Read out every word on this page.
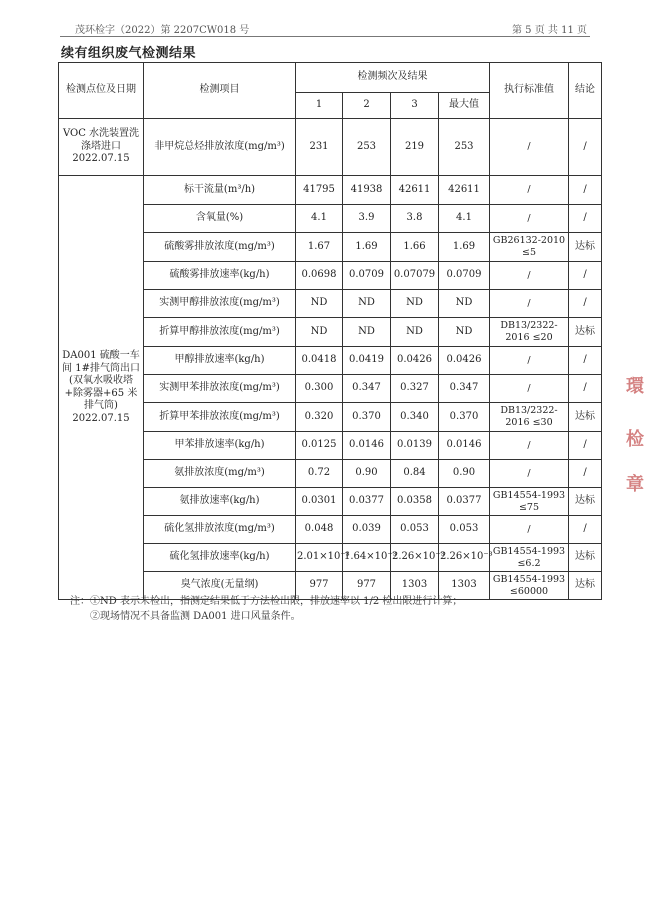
茂环检字（2022）第 2207CW018 号	第 5 页 共 11 页
续有组织废气检测结果
检测点位及日期	检测项目	检测频次及结果				执行标准值	结论
		1	2	3	最大值		
VOC 水洗装置洗涤塔进口 2022.07.15	非甲烷总烃排放浓度(mg/m³)	231	253	219	253	/	/
DA001 硫酸一车间 1#排气筒出口(双氧水吸收塔+除雾器+65 米排气筒) 2022.07.15	标干流量(m³/h)	41795	41938	42611	42611	/	/
	含氧量(%)	4.1	3.9	3.8	4.1	/	/
	硫酸雾排放浓度(mg/m³)	1.67	1.69	1.66	1.69	GB26132-2010 ≤5	达标
	硫酸雾排放速率(kg/h)	0.0698	0.0709	0.07079	0.0709	/	/
	实测甲醇排放浓度(mg/m³)	ND	ND	ND	ND	/	/
	折算甲醇排放浓度(mg/m³)	ND	ND	ND	ND	DB13/2322-2016 ≤20	达标
	甲醇排放速率(kg/h)	0.0418	0.0419	0.0426	0.0426	/	/
	实测甲苯排放浓度(mg/m³)	0.300	0.347	0.327	0.347	/	/
	折算甲苯排放浓度(mg/m³)	0.320	0.370	0.340	0.370	DB13/2322-2016 ≤30	达标
	甲苯排放速率(kg/h)	0.0125	0.0146	0.0139	0.0146	/	/
	氨排放浓度(mg/m³)	0.72	0.90	0.84	0.90	/	/
	氨排放速率(kg/h)	0.0301	0.0377	0.0358	0.0377	GB14554-1993 ≤75	达标
	硫化氢排放浓度(mg/m³)	0.048	0.039	0.053	0.053	/	/
	硫化氢排放速率(kg/h)	2.01×10⁻³	1.64×10⁻³	2.26×10⁻³	2.26×10⁻³	GB14554-1993 ≤6.2	达标
	臭气浓度(无量纲)	977	977	1303	1303	GB14554-1993 ≤60000	达标
注：①ND 表示未检出，指测定结果低于方法检出限，排放速率以 1/2 检出限进行计算；
②现场情况不具备监测 DA001 进口风量条件。
環
检
章
